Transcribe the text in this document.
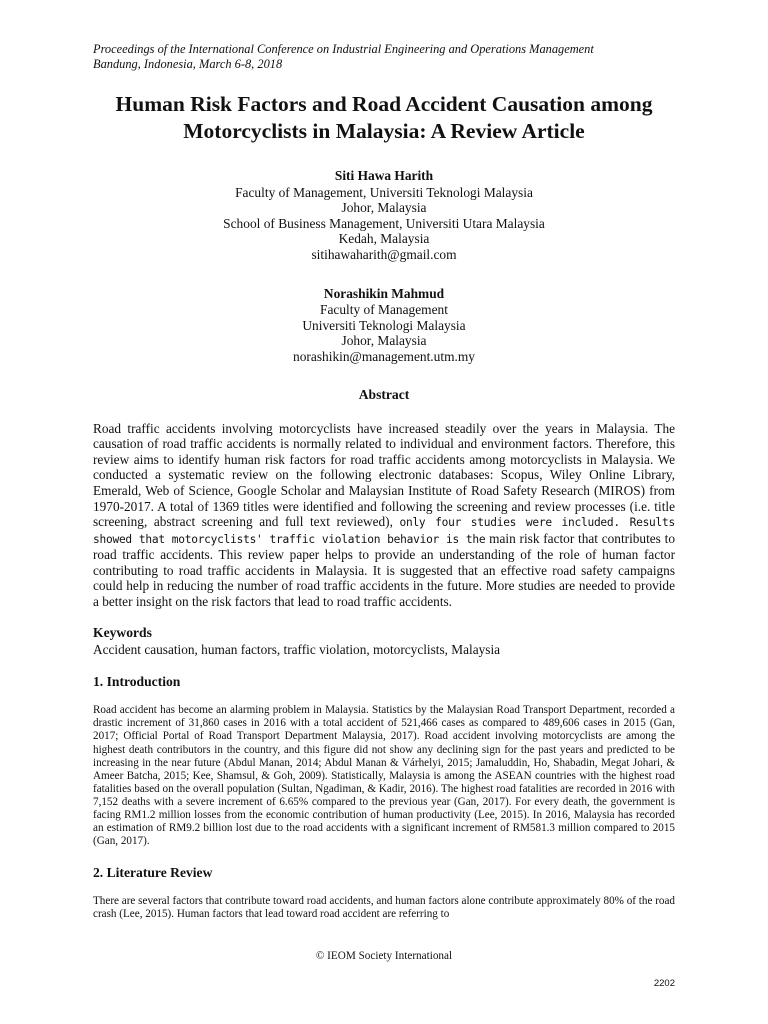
Proceedings of the International Conference on Industrial Engineering and Operations Management

Bandung, Indonesia, March 6-8, 2018

Human Risk Factors and Road Accident Causation among
Motorcyclists in Malaysia: A Review Article
Siti Hawa Harith
Faculty of Management, Universiti Teknologi Malaysia
Johor, Malaysia
School of Business Management, Universiti Utara Malaysia
Kedah, Malaysia
sitihawaharith@gmail.com
Norashikin Mahmud
Faculty of Management
Universiti Teknologi Malaysia
Johor, Malaysia
norashikin@management.utm.my
Abstract
Road traffic accidents involving motorcyclists have increased steadily over the years in Malaysia. The causation of road traffic accidents is normally related to individual and environment factors. Therefore, this review aims to identify human risk factors for road traffic accidents among motorcyclists in Malaysia. We conducted a systematic review on the following electronic databases: Scopus, Wiley Online Library, Emerald, Web of Science, Google Scholar and Malaysian Institute of Road Safety Research (MIROS) from 1970-2017. A total of 1369 titles were identified and following the screening and review processes (i.e. title screening, abstract screening and full text reviewed), only four studies were included. Results showed that motorcyclists' traffic violation behavior is the main risk factor that contributes to road traffic accidents. This review paper helps to provide an understanding of the role of human factor contributing to road traffic accidents in Malaysia. It is suggested that an effective road safety campaigns could help in reducing the number of road traffic accidents in the future. More studies are needed to provide a better insight on the risk factors that lead to road traffic accidents.
Keywords
Accident causation, human factors, traffic violation, motorcyclists, Malaysia
1. Introduction
Road accident has become an alarming problem in Malaysia. Statistics by the Malaysian Road Transport Department, recorded a drastic increment of 31,860 cases in 2016 with a total accident of 521,466 cases as compared to 489,606 cases in 2015 (Gan, 2017; Official Portal of Road Transport Department Malaysia, 2017). Road accident involving motorcyclists are among the highest death contributors in the country, and this figure did not show any declining sign for the past years and predicted to be increasing in the near future (Abdul Manan, 2014; Abdul Manan & Várhelyi, 2015; Jamaluddin, Ho, Shabadin, Megat Johari, & Ameer Batcha, 2015; Kee, Shamsul, & Goh, 2009). Statistically, Malaysia is among the ASEAN countries with the highest road fatalities based on the overall population (Sultan, Ngadiman, & Kadir, 2016). The highest road fatalities are recorded in 2016 with 7,152 deaths with a severe increment of 6.65% compared to the previous year (Gan, 2017). For every death, the government is facing RM1.2 million losses from the economic contribution of human productivity (Lee, 2015). In 2016, Malaysia has recorded an estimation of RM9.2 billion lost due to the road accidents with a significant increment of RM581.3 million compared to 2015 (Gan, 2017).
2. Literature Review
There are several factors that contribute toward road accidents, and human factors alone contribute approximately 80% of the road crash (Lee, 2015). Human factors that lead toward road accident are referring to
© IEOM Society International
2202
